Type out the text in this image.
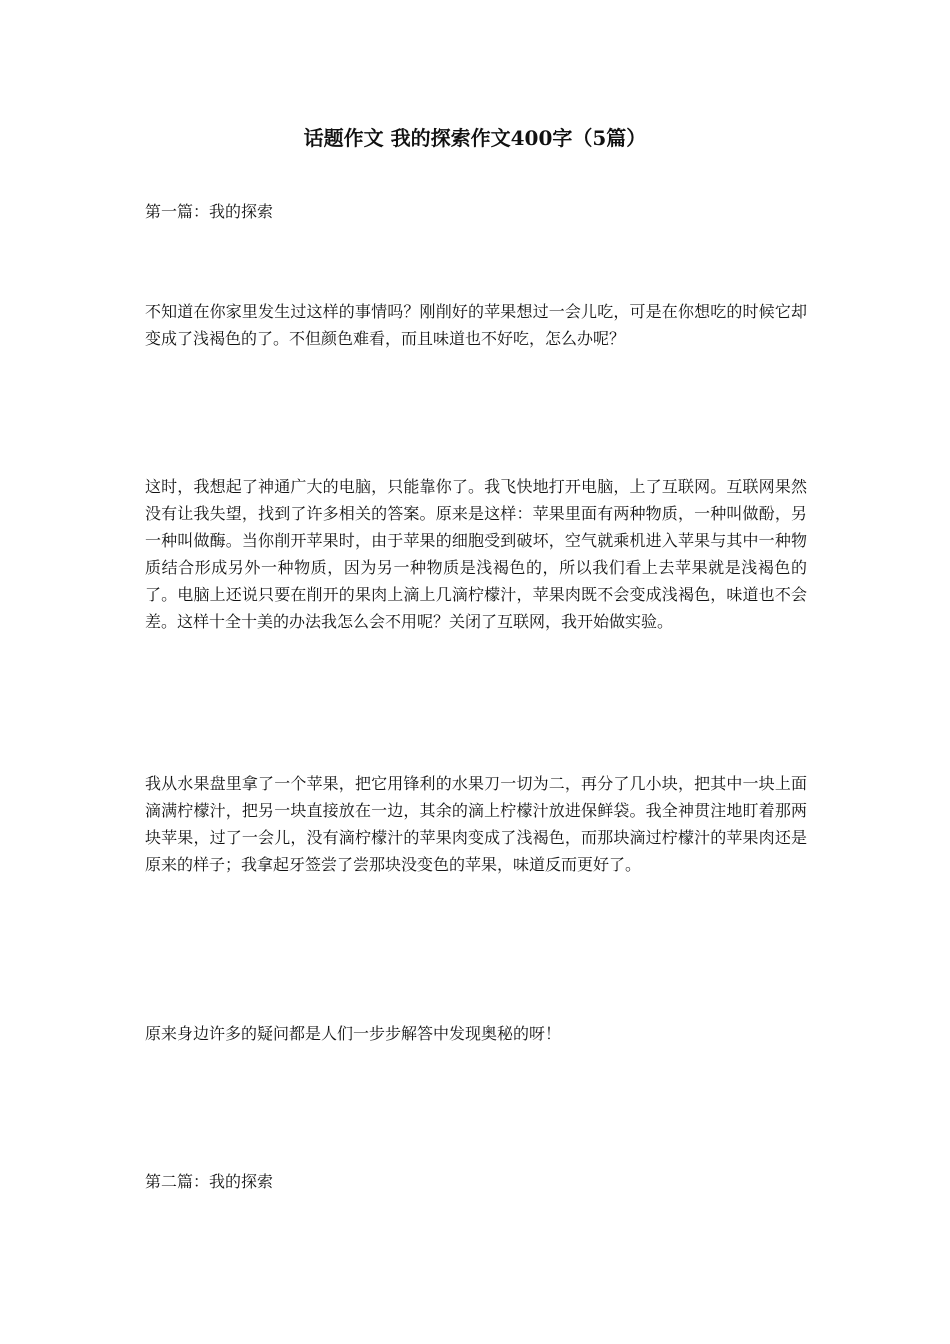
话题作文 我的探索作文400字（5篇）
第一篇：我的探索
不知道在你家里发生过这样的事情吗？刚削好的苹果想过一会儿吃，可是在你想吃的时候它却变成了浅褐色的了。不但颜色难看，而且味道也不好吃，怎么办呢？
这时，我想起了神通广大的电脑，只能靠你了。我飞快地打开电脑，上了互联网。互联网果然没有让我失望，找到了许多相关的答案。原来是这样：苹果里面有两种物质，一种叫做酚，另一种叫做酶。当你削开苹果时，由于苹果的细胞受到破坏，空气就乘机进入苹果与其中一种物质结合形成另外一种物质，因为另一种物质是浅褐色的，所以我们看上去苹果就是浅褐色的了。电脑上还说只要在削开的果肉上滴上几滴柠檬汁，苹果肉既不会变成浅褐色，味道也不会差。这样十全十美的办法我怎么会不用呢？关闭了互联网，我开始做实验。
我从水果盘里拿了一个苹果，把它用锋利的水果刀一切为二，再分了几小块，把其中一块上面滴满柠檬汁，把另一块直接放在一边，其余的滴上柠檬汁放进保鲜袋。我全神贯注地盯着那两块苹果，过了一会儿，没有滴柠檬汁的苹果肉变成了浅褐色，而那块滴过柠檬汁的苹果肉还是原来的样子；我拿起牙签尝了尝那块没变色的苹果，味道反而更好了。
原来身边许多的疑问都是人们一步步解答中发现奥秘的呀！
第二篇：我的探索
